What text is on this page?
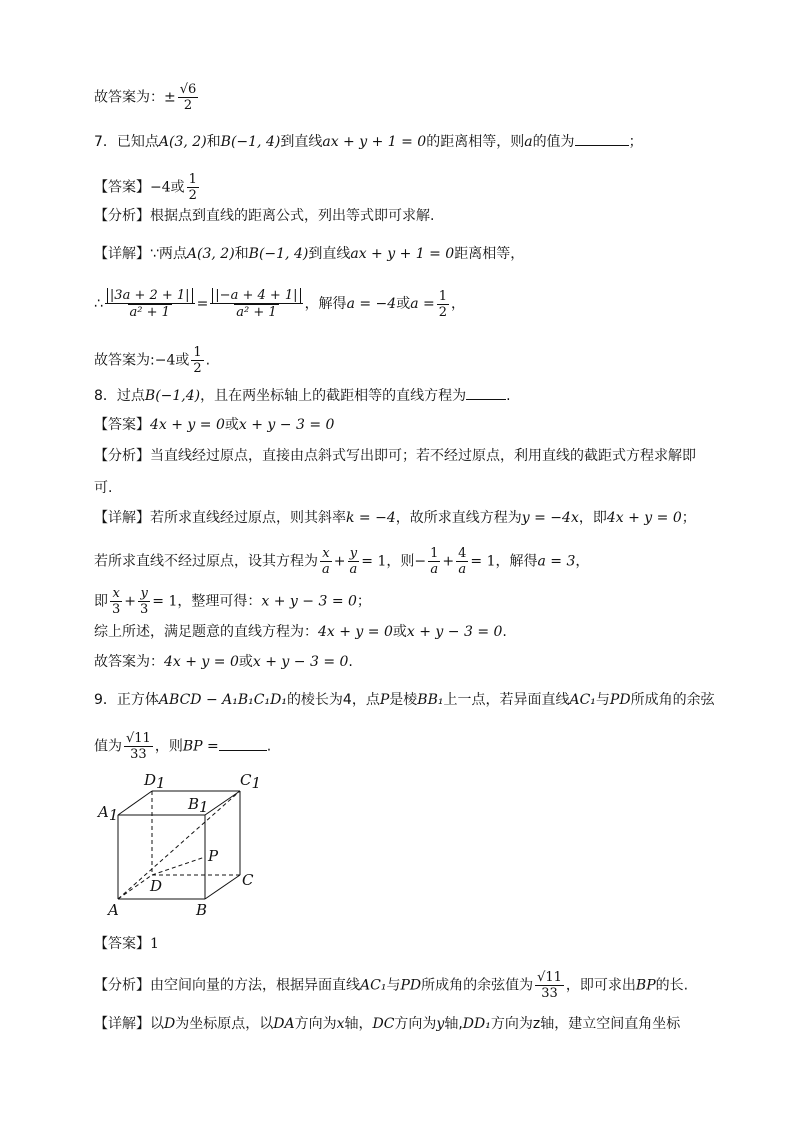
故答案为：± $\frac{√6}{2}$
7．已知点A(3, 2)和B(−1, 4)到直线ax + y + 1 = 0的距离相等，则a的值为	；
【答案】−4或 $\frac{1}{2}$
【分析】根据点到直线的距离公式，列出等式即可求解.
【详解】∵两点A(3, 2)和B(−1, 4)到直线ax + y + 1 = 0距离相等，
∴ $\frac{|3a + 2 + 1|}{\text{a² + 1}} = \frac{|-a + 4 + 1|}{\text{a² + 1}}$ ，解得a = −4或$a = \frac{1}{2}$ ，
故答案为:−4或 $\frac{1}{2}$ .
8．过点B(−1,4)，且在两坐标轴上的截距相等的直线方程为	.
【答案】4x + y = 0或x + y − 3 = 0
【分析】当直线经过原点，直接由点斜式写出即可；若不经过原点，利用直线的截距式方程求解即
可.
【详解】若所求直线经过原点，则其斜率k = −4，故所求直线方程为y = −4x，即4x + y = 0；
若所求直线不经过原点，设其方程为 $\frac{x}{a} + \frac{y}{a} = 1$，则− $\frac{1}{a} + \frac{4}{a} = 1$，解得a = 3，
即 $\frac{x}{3} + \frac{y}{3} = 1$，整理可得：x + y − 3 = 0；
综上所述，满足题意的直线方程为：4x + y = 0或x + y − 3 = 0.
故答案为：4x + y = 0或x + y − 3 = 0.
9．正方体ABCD − A₁B₁C₁D₁的棱长为4，点P是棱BB₁上一点，若异面直线AC₁与PD所成角的余弦
值为 $\frac{√11}{33}$ ，则BP =	.
D1	C1
A1
B1
P
D	C
A	B
【答案】1
【分析】由空间向量的方法，根据异面直线AC₁与PD所成角的余弦值为 $\frac{√11}{33}$ ，即可求出BP的长.
【详解】以D为坐标原点，以DA方向为x轴，DC方向为y轴,DD₁方向为z轴，建立空间直角坐标
